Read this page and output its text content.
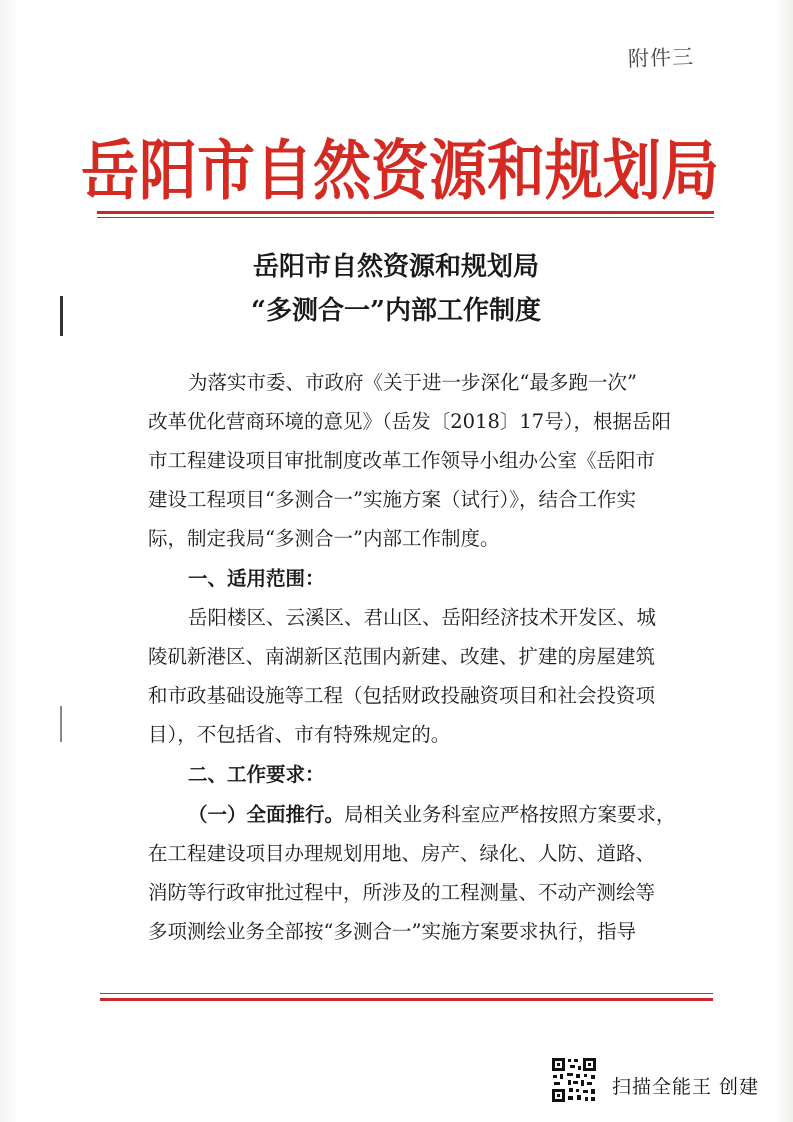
附件三
岳阳市自然资源和规划局
岳阳市自然资源和规划局
“多测合一”内部工作制度
为落实市委、市政府《关于进一步深化“最多跑一次”
改革优化营商环境的意见》（岳发〔2018〕17号），根据岳阳
市工程建设项目审批制度改革工作领导小组办公室《岳阳市
建设工程项目“多测合一”实施方案（试行）》，结合工作实
际，制定我局“多测合一”内部工作制度。
一、适用范围：
岳阳楼区、云溪区、君山区、岳阳经济技术开发区、城
陵矶新港区、南湖新区范围内新建、改建、扩建的房屋建筑
和市政基础设施等工程（包括财政投融资项目和社会投资项
目），不包括省、市有特殊规定的。
二、工作要求：
（一）全面推行。局相关业务科室应严格按照方案要求，
在工程建设项目办理规划用地、房产、绿化、人防、道路、
消防等行政审批过程中，所涉及的工程测量、不动产测绘等
多项测绘业务全部按“多测合一”实施方案要求执行，指导
扫描全能王 创建
